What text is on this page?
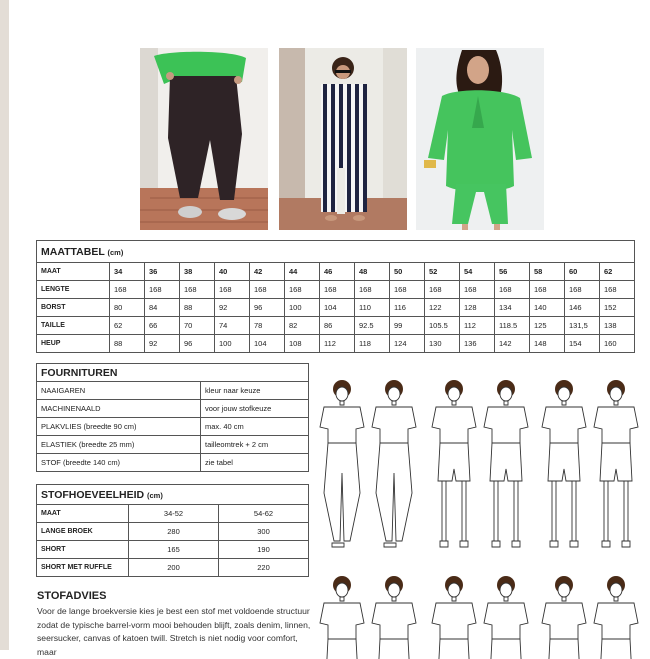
MAATTABEL (cm)															
MAAT	34	36	38	40	42	44	46	48	50	52	54	56	58	60	62
LENGTE	168	168	168	168	168	168	168	168	168	168	168	168	168	168	168
BORST	80	84	88	92	96	100	104	110	116	122	128	134	140	146	152
TAILLE	62	66	70	74	78	82	86	92.5	99	105.5	112	118.5	125	131,5	138
HEUP	88	92	96	100	104	108	112	118	124	130	136	142	148	154	160
FOURNITUREN	
NAAIGAREN	kleur naar keuze
MACHINENAALD	voor jouw stofkeuze
PLAKVLIES (breedte 90 cm)	max. 40 cm
ELASTIEK (breedte 25 mm)	tailleomtrek + 2 cm
STOF (breedte 140 cm)	zie tabel
STOFHOEVEELHEID (cm)		
MAAT	34-52	54-62
LANGE BROEK	280	300
SHORT	165	190
SHORT MET RUFFLE	200	220
STOFADVIES
Voor de lange broekversie kies je best een stof met voldoende structuur zodat de typische barrel-vorm mooi behouden blijft, zoals denim, linnen, seersucker, canvas of katoen twill. Stretch is niet nodig voor comfort, maar
